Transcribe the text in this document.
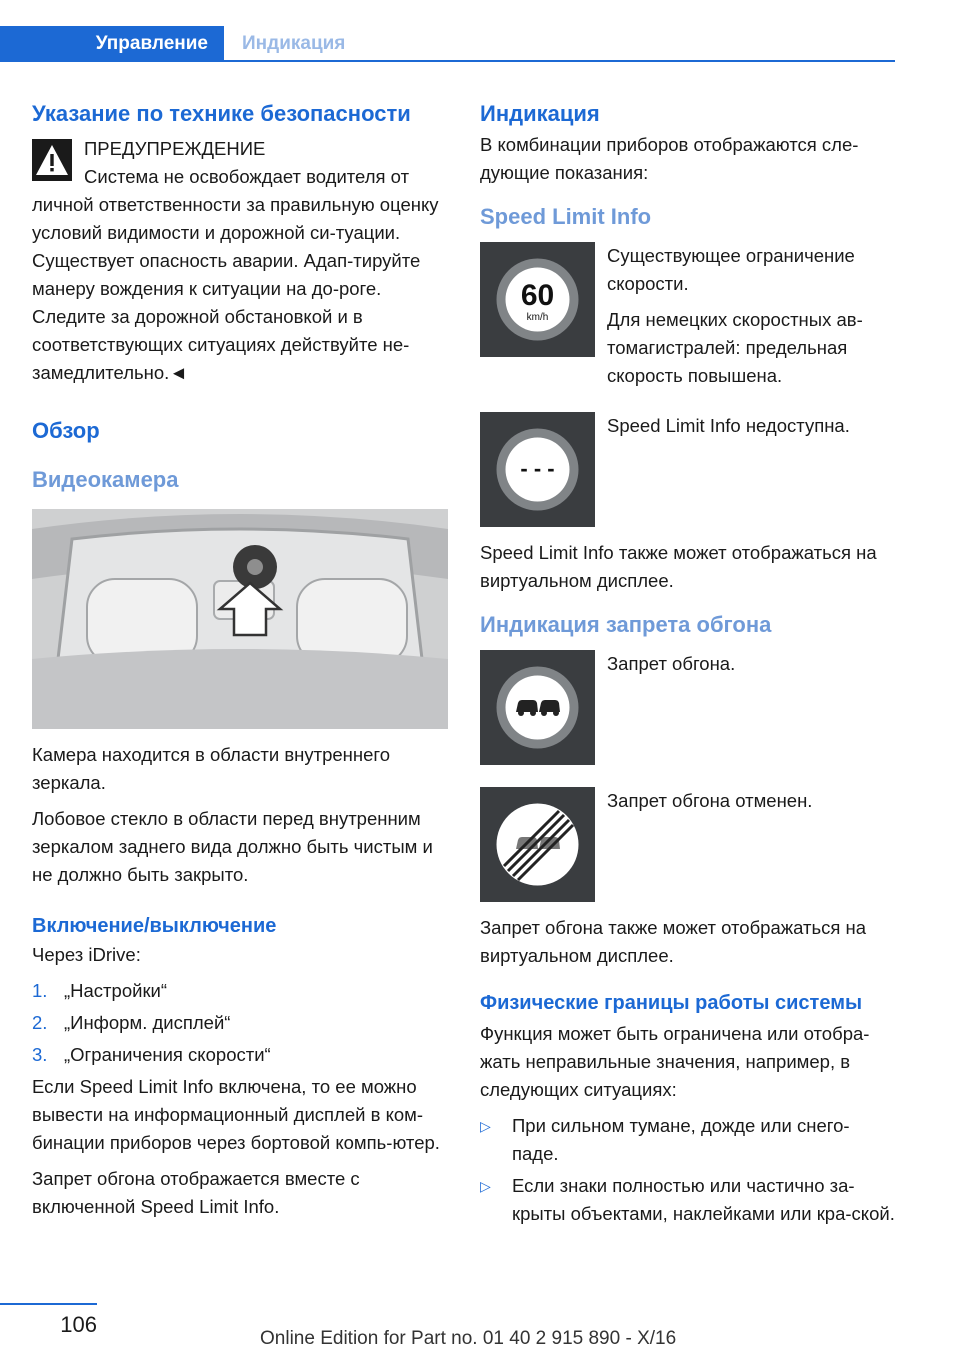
Управление	Индикация
Указание по технике безопасности

ПРЕДУПРЕЖДЕНИЕ

Система не освобождает водителя от личной ответственности за правильную оценку условий видимости и дорожной си-туации. Существует опасность аварии. Адап-тируйте манеру вождения к ситуации на до-роге. Следите за дорожной обстановкой и в соответствующих ситуациях действуйте не-замедлительно.◄

Обзор
Видеокамера

Камера находится в области внутреннего зеркала.

Лобовое стекло в области перед внутренним зеркалом заднего вида должно быть чистым и не должно быть закрыто.

Включение/выключение

Через iDrive:

1. „Настройки“
2. „Информ. дисплей“
3. „Ограничения скорости“

Если Speed Limit Info включена, то ее можно вывести на информационный дисплей в ком-бинации приборов через бортовой компь-ютер.

Запрет обгона отображается вместе с включенной Speed Limit Info.

Индикация

В комбинации приборов отображаются сле-дующие показания:

Speed Limit Info
60
km/h

Существующее ограничение скорости.

Для немецких скоростных ав-томагистралей: предельная скорость повышена.

- - -

Speed Limit Info недоступна.

Speed Limit Info также может отображаться на виртуальном дисплее.

Индикация запрета обгона

Запрет обгона.

Запрет обгона отменен.

Запрет обгона также может отображаться на виртуальном дисплее.

Физические границы работы системы

Функция может быть ограничена или отобра-жать неправильные значения, например, в следующих ситуациях:

▷ При сильном тумане, дожде или снего-паде.
▷ Если знаки полностью или частично за-крыты объектами, наклейками или кра-ской.
106
Online Edition for Part no. 01 40 2 915 890 - X/16
